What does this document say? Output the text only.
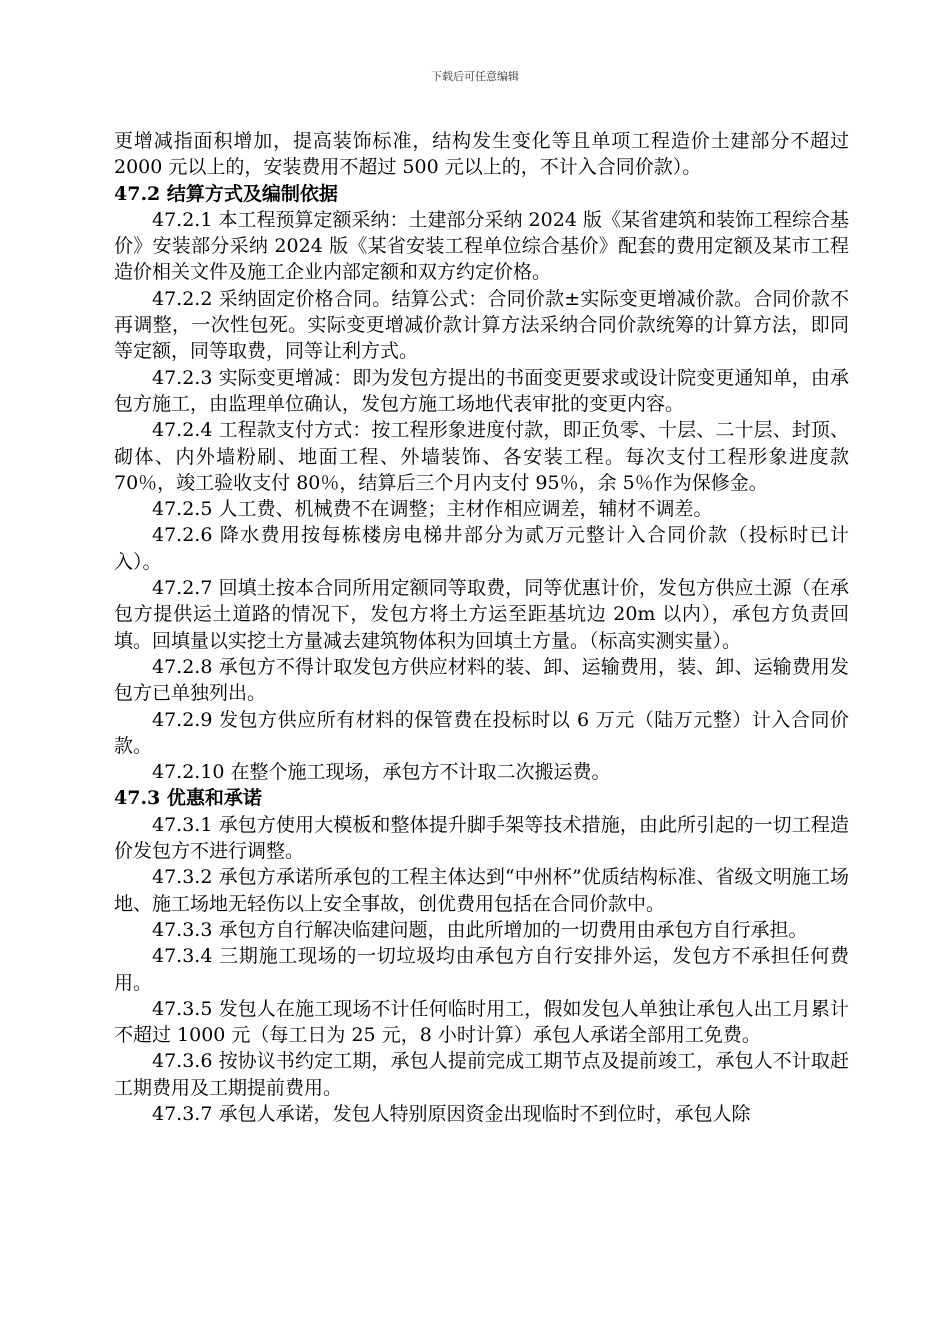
下载后可任意编辑

更增减指面积增加，提高装饰标准，结构发生变化等且单项工程造价土建部分不超过 2000 元以上的，安装费用不超过 500 元以上的，不计入合同价款）。

47.2 结算方式及编制依据

47.2.1 本工程预算定额采纳：土建部分采纳 2024 版《某省建筑和装饰工程综合基价》安装部分采纳 2024 版《某省安装工程单位综合基价》配套的费用定额及某市工程造价相关文件及施工企业内部定额和双方约定价格。

47.2.2 采纳固定价格合同。结算公式：合同价款±实际变更增减价款。合同价款不再调整，一次性包死。实际变更增减价款计算方法采纳合同价款统筹的计算方法，即同等定额，同等取费，同等让利方式。

47.2.3 实际变更增减：即为发包方提出的书面变更要求或设计院变更通知单，由承包方施工，由监理单位确认，发包方施工场地代表审批的变更内容。

47.2.4 工程款支付方式：按工程形象进度付款，即正负零、十层、二十层、封顶、砌体、内外墙粉刷、地面工程、外墙装饰、各安装工程。每次支付工程形象进度款 70％，竣工验收支付 80％，结算后三个月内支付 95％，余 5％作为保修金。

47.2.5 人工费、机械费不在调整；主材作相应调差，辅材不调差。

47.2.6 降水费用按每栋楼房电梯井部分为贰万元整计入合同价款（投标时已计入）。

47.2.7 回填土按本合同所用定额同等取费，同等优惠计价，发包方供应土源（在承包方提供运土道路的情况下，发包方将土方运至距基坑边 20m 以内），承包方负责回填。回填量以实挖土方量减去建筑物体积为回填土方量。（标高实测实量）。

47.2.8 承包方不得计取发包方供应材料的装、卸、运输费用，装、卸、运输费用发包方已单独列出。

47.2.9 发包方供应所有材料的保管费在投标时以 6 万元（陆万元整）计入合同价款。

47.2.10 在整个施工现场，承包方不计取二次搬运费。

47.3 优惠和承诺

47.3.1 承包方使用大模板和整体提升脚手架等技术措施，由此所引起的一切工程造价发包方不进行调整。

47.3.2 承包方承诺所承包的工程主体达到“中州杯”优质结构标准、省级文明施工场地、施工场地无轻伤以上安全事故，创优费用包括在合同价款中。

47.3.3 承包方自行解决临建问题，由此所增加的一切费用由承包方自行承担。

47.3.4 三期施工现场的一切垃圾均由承包方自行安排外运，发包方不承担任何费用。

47.3.5 发包人在施工现场不计任何临时用工，假如发包人单独让承包人出工月累计不超过 1000 元（每工日为 25 元，8 小时计算）承包人承诺全部用工免费。

47.3.6 按协议书约定工期，承包人提前完成工期节点及提前竣工，承包人不计取赶工期费用及工期提前费用。

47.3.7 承包人承诺，发包人特别原因资金出现临时不到位时，承包人除
